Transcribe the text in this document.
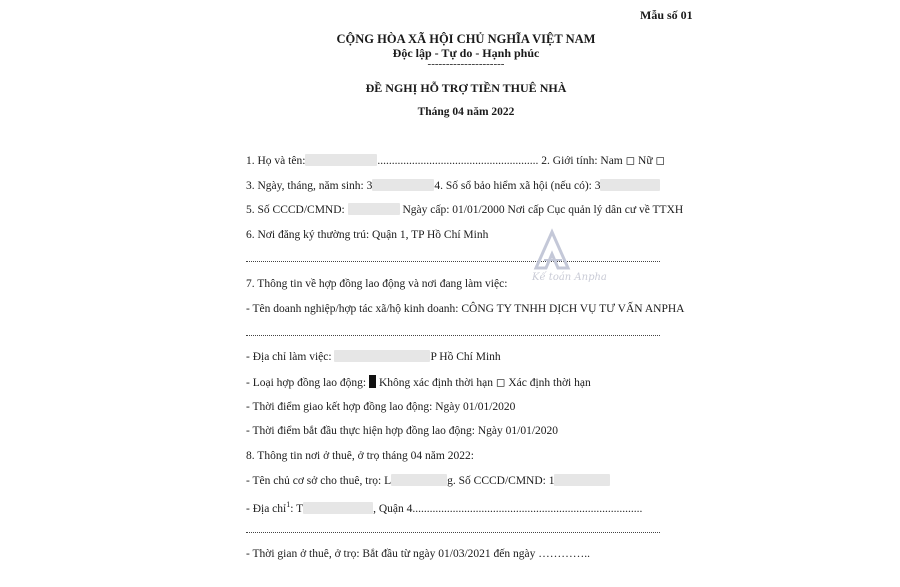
Mẫu số 01
CỘNG HÒA XÃ HỘI CHỦ NGHĨA VIỆT NAM
Độc lập - Tự do - Hạnh phúc
---------------------
ĐỀ NGHỊ HỖ TRỢ TIỀN THUÊ NHÀ
Tháng 04 năm 2022
1. Họ và tên:	........................................................ 2. Giới tính: Nam ◻ Nữ ◻
3. Ngày, tháng, năm sinh: 3	4. Số sổ bảo hiểm xã hội (nếu có): 3
5. Số CCCD/CMND:	Ngày cấp: 01/01/2000 Nơi cấp Cục quản lý dân cư về TTXH
6. Nơi đăng ký thường trú: Quận 1, TP Hồ Chí Minh
7. Thông tin về hợp đồng lao động và nơi đang làm việc:
- Tên doanh nghiệp/hợp tác xã/hộ kinh doanh: CÔNG TY TNHH DỊCH VỤ TƯ VẤN ANPHA
- Địa chỉ làm việc:	P Hồ Chí Minh
- Loại hợp đồng lao động: Không xác định thời hạn ◻ Xác định thời hạn
- Thời điểm giao kết hợp đồng lao động: Ngày 01/01/2020
- Thời điểm bắt đầu thực hiện hợp đồng lao động: Ngày 01/01/2020
8. Thông tin nơi ở thuê, ở trọ tháng 04 năm 2022:
- Tên chủ cơ sở cho thuê, trọ: L	g. Số CCCD/CMND: 1
- Địa chỉ$^1$: T	, Quận 4................................................................................
- Thời gian ở thuê, ở trọ: Bắt đầu từ ngày 01/03/2021 đến ngày …………..
Kế toán Anpha
